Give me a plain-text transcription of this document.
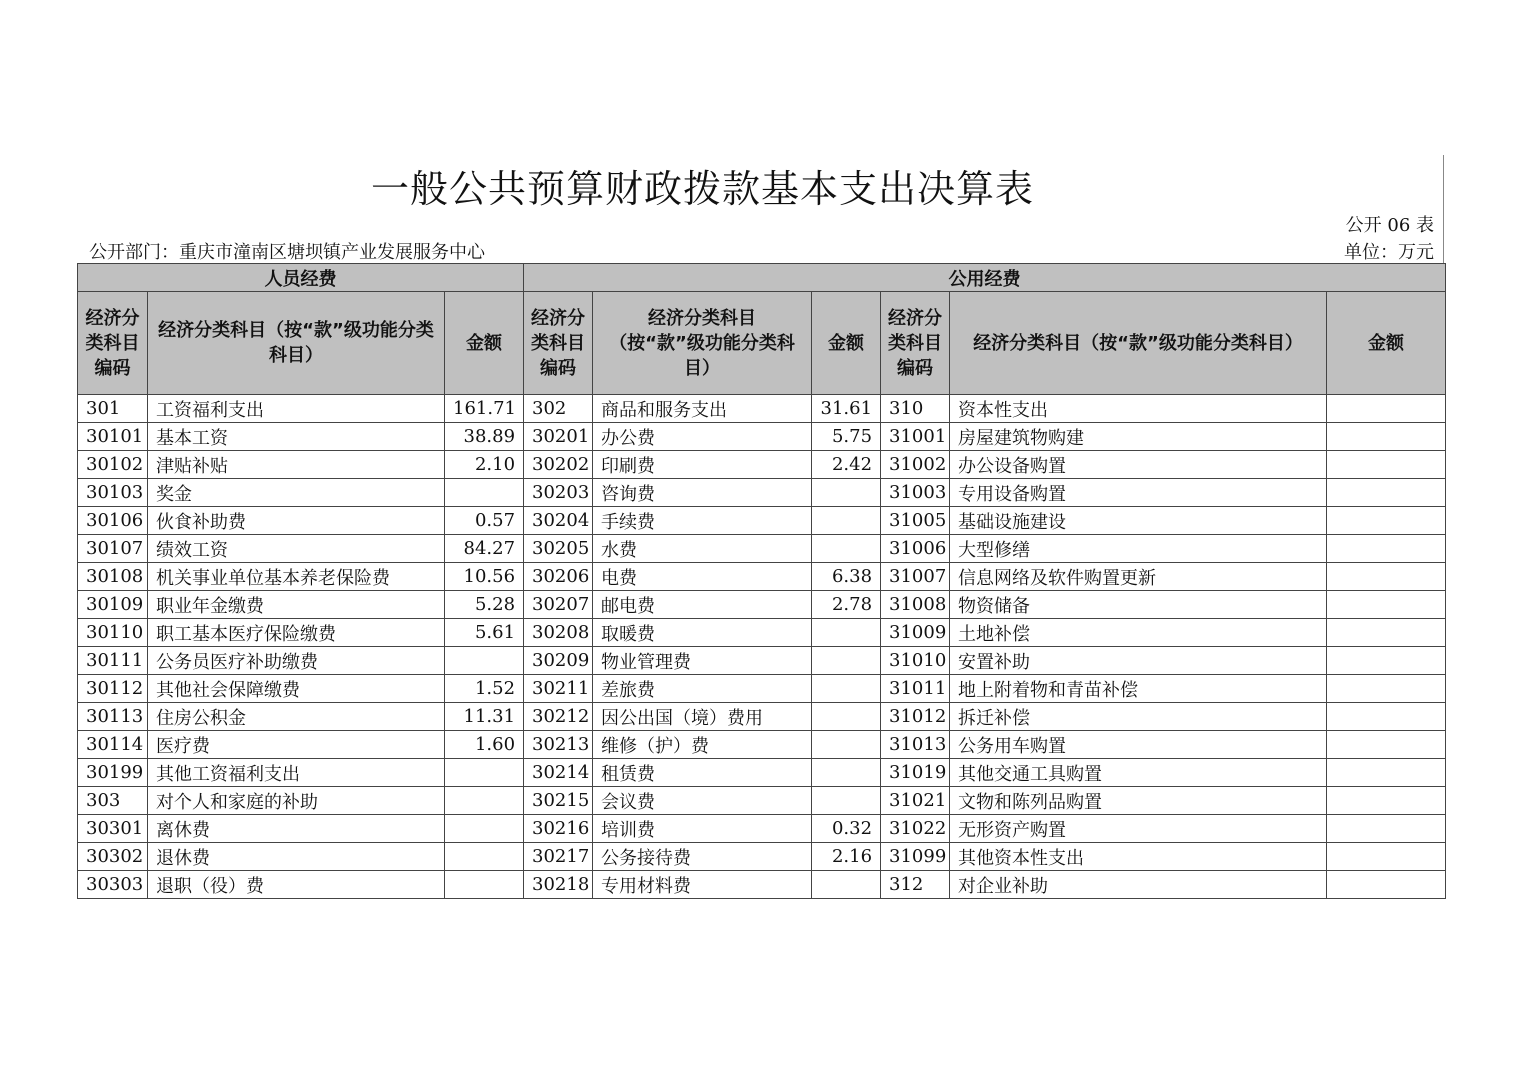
一般公共预算财政拨款基本支出决算表
公开 06 表
公开部门：重庆市潼南区塘坝镇产业发展服务中心	单位：万元
人员经费			公用经费					
经济分类科目编码	经济分类科目（按“款”级功能分类科目）	金额	经济分类科目编码	经济分类科目（按“款”级功能分类科目）	金额	经济分类科目编码	经济分类科目（按“款”级功能分类科目）	金额
301	工资福利支出	161.71	302	商品和服务支出	31.61	310	资本性支出	
30101	基本工资	38.89	30201	办公费	5.75	31001	房屋建筑物购建	
30102	津贴补贴	2.10	30202	印刷费	2.42	31002	办公设备购置	
30103	奖金		30203	咨询费		31003	专用设备购置	
30106	伙食补助费	0.57	30204	手续费		31005	基础设施建设	
30107	绩效工资	84.27	30205	水费		31006	大型修缮	
30108	机关事业单位基本养老保险费	10.56	30206	电费	6.38	31007	信息网络及软件购置更新	
30109	职业年金缴费	5.28	30207	邮电费	2.78	31008	物资储备	
30110	职工基本医疗保险缴费	5.61	30208	取暖费		31009	土地补偿	
30111	公务员医疗补助缴费		30209	物业管理费		31010	安置补助	
30112	其他社会保障缴费	1.52	30211	差旅费		31011	地上附着物和青苗补偿	
30113	住房公积金	11.31	30212	因公出国（境）费用		31012	拆迁补偿	
30114	医疗费	1.60	30213	维修（护）费		31013	公务用车购置	
30199	其他工资福利支出		30214	租赁费		31019	其他交通工具购置	
303	对个人和家庭的补助		30215	会议费		31021	文物和陈列品购置	
30301	离休费		30216	培训费	0.32	31022	无形资产购置	
30302	退休费		30217	公务接待费	2.16	31099	其他资本性支出	
30303	退职（役）费		30218	专用材料费		312	对企业补助	
